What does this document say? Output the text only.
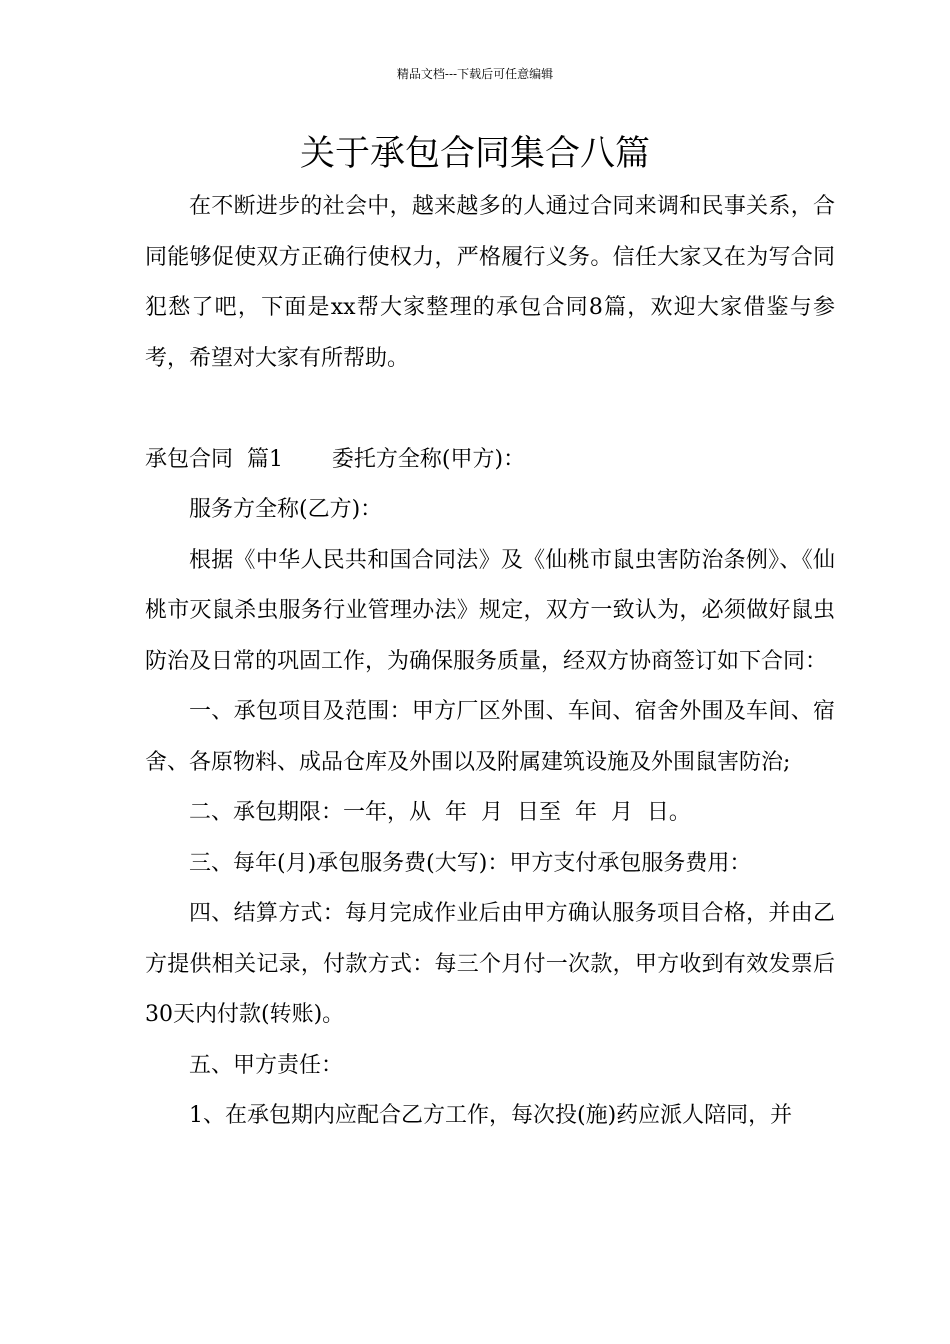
精品文档---下载后可任意编辑
关于承包合同集合八篇

在不断进步的社会中，越来越多的人通过合同来调和民事关系，合同能够促使双方正确行使权力，严格履行义务。信任大家又在为写合同犯愁了吧，下面是xx帮大家整理的承包合同8篇，欢迎大家借鉴与参考，希望对大家有所帮助。

承包合同  篇1       委托方全称(甲方)：

服务方全称(乙方)：

根据《中华人民共和国合同法》及《仙桃市鼠虫害防治条例》、《仙桃市灭鼠杀虫服务行业管理办法》规定，双方一致认为，必须做好鼠虫防治及日常的巩固工作，为确保服务质量，经双方协商签订如下合同：

一、承包项目及范围：甲方厂区外围、车间、宿舍外围及车间、宿舍、各原物料、成品仓库及外围以及附属建筑设施及外围鼠害防治;

二、承包期限：一年，从  年  月  日至  年  月  日。

三、每年(月)承包服务费(大写)：甲方支付承包服务费用：

四、结算方式：每月完成作业后由甲方确认服务项目合格，并由乙方提供相关记录，付款方式：每三个月付一次款，甲方收到有效发票后30天内付款(转账)。

五、甲方责任：

1、在承包期内应配合乙方工作，每次投(施)药应派人陪同，并
